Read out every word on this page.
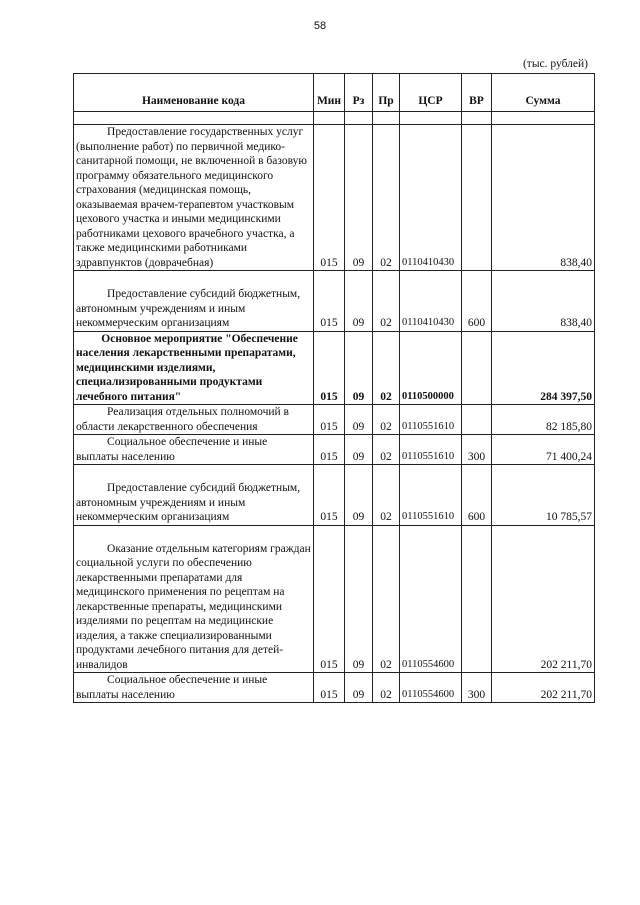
58
(тыс. рублей)
Наименование кода	Мин	Рз	Пр	ЦСР	ВР	Сумма

Предоставление государственных услуг (выполнение работ) по первичной медико-санитарной помощи, не включенной в базовую программу обязательного медицинского страхования (медицинская помощь, оказываемая врачем-терапевтом участковым цехового участка и иными медицинскими работниками цехового врачебного участка, а также медицинскими работниками здравпунктов (доврачебная)	015	09	02	0110410430		838,40

Предоставление субсидий бюджетным, автономным учреждениям и иным некоммерческим организациям	015	09	02	0110410430	600	838,40

Основное мероприятие "Обеспечение населения лекарственными препаратами, медицинскими изделиями, специализированными продуктами лечебного питания"	015	09	02	0110500000		284 397,50

Реализация отдельных полномочий в области лекарственного обеспечения	015	09	02	0110551610		82 185,80

Социальное обеспечение и иные выплаты населению	015	09	02	0110551610	300	71 400,24

Предоставление субсидий бюджетным, автономным учреждениям и иным некоммерческим организациям	015	09	02	0110551610	600	10 785,57

Оказание отдельным категориям граждан социальной услуги по обеспечению лекарственными препаратами для медицинского применения по рецептам на лекарственные препараты, медицинскими изделиями по рецептам на медицинские изделия, а также специализированными продуктами лечебного питания для детей-инвалидов	015	09	02	0110554600		202 211,70

Социальное обеспечение и иные выплаты населению	015	09	02	0110554600	300	202 211,70
